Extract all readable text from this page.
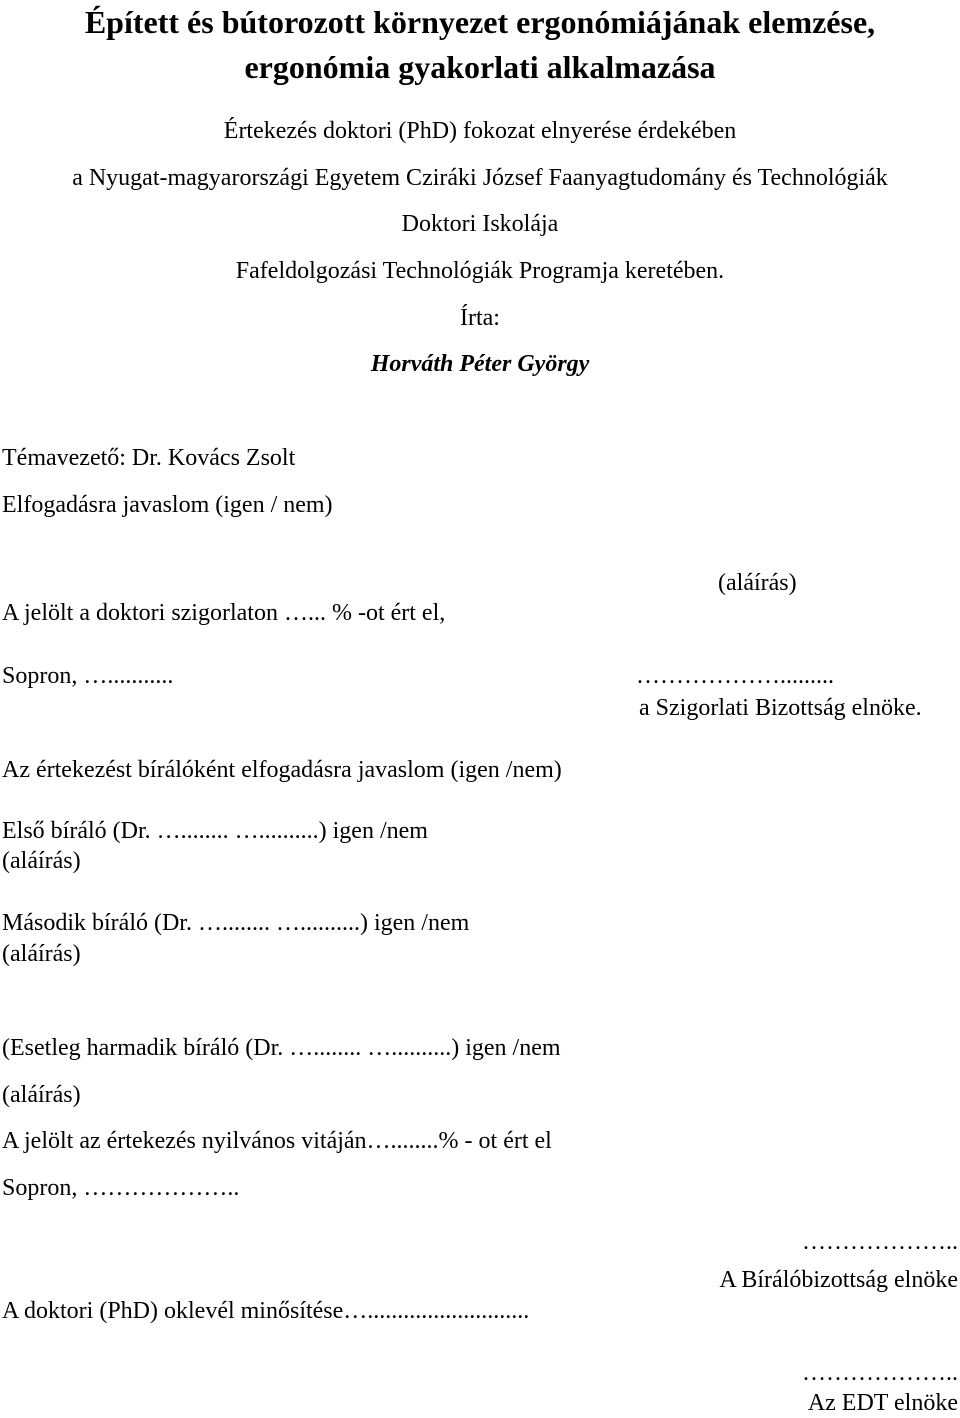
Épített és bútorozott környezet ergonómiájának elemzése,
ergonómia gyakorlati alkalmazása
Értekezés doktori (PhD) fokozat elnyerése érdekében
a Nyugat-magyarországi Egyetem Cziráki József Faanyagtudomány és Technológiák
Doktori Iskolája
Fafeldolgozási Technológiák Programja keretében.
Írta:
Horváth Péter György
Témavezető: Dr. Kovács Zsolt
Elfogadásra javaslom (igen / nem)
(aláírás)
A jelölt a doktori szigorlaton …... % -ot ért el,
Sopron, …...........	……………….........
a Szigorlati Bizottság elnöke.
Az értekezést bírálóként elfogadásra javaslom (igen /nem)
Első bíráló (Dr. …........ …..........) igen /nem
(aláírás)
Második bíráló (Dr. …........ …..........) igen /nem
(aláírás)
(Esetleg harmadik bíráló (Dr. …........ …..........) igen /nem
(aláírás)
A jelölt az értekezés nyilvános vitáján…........% - ot ért el
Sopron, ………………..
………………..
A Bírálóbizottság elnöke
A doktori (PhD) oklevél minősítése…...........................
………………..
Az EDT elnöke
